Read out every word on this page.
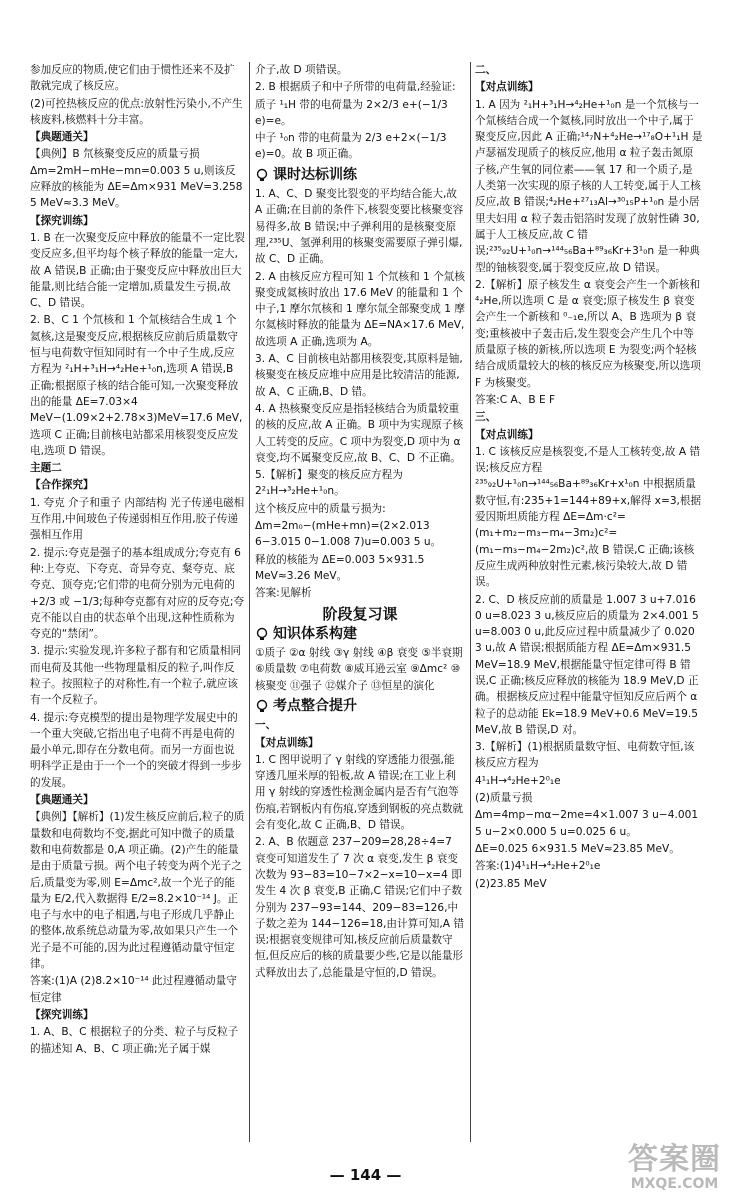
参加反应的物质,使它们由于惯性还来不及扩散就完成了核反应。

(2)可控热核反应的优点:放射性污染小,不产生核废料,核燃料十分丰富。

【典题通关】

【典例】B 氘核聚变反应的质量亏损 Δm=2mH−mHe−mn=0.003 5 u,则该反应释放的核能为 ΔE=Δm×931 MeV=3.258 5 MeV≈3.3 MeV。

【探究训练】

1. B 在一次聚变反应中释放的能量不一定比裂变反应多,但平均每个核子释放的能量一定大,故 A 错误,B 正确;由于聚变反应中释放出巨大能量,则比结合能一定增加,质量发生亏损,故 C、D 错误。

2. B、C 1 个氘核和 1 个氚核结合生成 1 个氦核,这是聚变反应,根据核反应前后质量数守恒与电荷数守恒知同时有一个中子生成,反应方程为 ²₁H+³₁H→⁴₂He+¹₀n,选项 A 错误,B 正确;根据原子核的结合能可知,一次聚变释放出的能量 ΔE=7.03×4 MeV−(1.09×2+2.78×3)MeV=17.6 MeV,选项 C 正确;目前核电站都采用核裂变反应发电,选项 D 错误。

主题二

【合作探究】

1. 夸克 介子和重子 内部结构 光子传递电磁相互作用,中间玻色子传递弱相互作用,胶子传递强相互作用

2. 提示:夸克是强子的基本组成成分;夸克有 6 种:上夸克、下夸克、奇异夸克、粲夸克、底夸克、顶夸克;它们带的电荷分别为元电荷的 +2/3 或 −1/3;每种夸克都有对应的反夸克;夸克不能以自由的状态单个出现,这种性质称为夸克的“禁闭”。

3. 提示:实验发现,许多粒子都有和它质量相同而电荷及其他一些物理量相反的粒子,叫作反粒子。按照粒子的对称性,有一个粒子,就应该有一个反粒子。

4. 提示:夸克模型的提出是物理学发展史中的一个重大突破,它指出电子电荷不再是电荷的最小单元,即存在分数电荷。而另一方面也说明科学正是由于一个一个的突破才得到一步步的发展。

【典题通关】

【典例】【解析】(1)发生核反应前后,粒子的质量数和电荷数均不变,据此可知中微子的质量数和电荷数都是 0,A 项正确。(2)产生的能量是由于质量亏损。两个电子转变为两个光子之后,质量变为零,则 E=Δmc²,故一个光子的能量为 E/2,代入数据得 E/2=8.2×10⁻¹⁴ J。正电子与水中的电子相遇,与电子形成几乎静止的整体,故系统总动量为零,故如果只产生一个光子是不可能的,因为此过程遵循动量守恒定律。

答案:(1)A (2)8.2×10⁻¹⁴ 此过程遵循动量守恒定律

【探究训练】

1. A、B、C 根据粒子的分类、粒子与反粒子的描述知 A、B、C 项正确;光子属于媒

介子,故 D 项错误。

2. B 根据质子和中子所带的电荷量,经验证:

质子 ¹₁H 带的电荷量为 2×2/3 e+(−1/3 e)=e。

中子 ¹₀n 带的电荷量为 2/3 e+2×(−1/3 e)=0。故 B 项正确。

课时达标训练

1. A、C、D 聚变比裂变的平均结合能大,故 A 正确;在目前的条件下,核裂变要比核聚变容易得多,故 B 错误;中子弹利用的是核聚变原理,²³⁵U、氢弹利用的核聚变需要原子弹引爆,故 C、D 正确。

2. A 由核反应方程可知 1 个氘核和 1 个氚核聚变成氦核时放出 17.6 MeV 的能量和 1 个中子,1 摩尔氘核和 1 摩尔氚全部聚变成 1 摩尔氦核时释放的能量为 ΔE=NA×17.6 MeV,故选项 A 正确,选项为 A。

3. A、C 目前核电站都用核裂变,其原料是铀,核聚变在核反应堆中应用是比较清洁的能源,故 A、C 正确,B、D 错。

4. A 热核聚变反应是指轻核结合为质量较重的核的反应,故 A 正确。B 项中为实现原子核人工转变的反应。C 项中为裂变,D 项中为 α 衰变,均不属聚变反应,故 B、C、D 不正确。

5.【解析】聚变的核反应方程为 2²₁H→³₂He+¹₀n。

这个核反应中的质量亏损为:

Δm=2m₀−(mHe+mn)=(2×2.013 6−3.015 0−1.008 7)u=0.003 5 u。

释放的核能为 ΔE=0.003 5×931.5 MeV≈3.26 MeV。

答案:见解析

阶段复习课
知识体系构建

①质子 ②α 射线 ③γ 射线 ④β 衰变 ⑤半衰期 ⑥质量数 ⑦电荷数 ⑧威耳逊云室 ⑨Δmc² ⑩核聚变 ⑪强子 ⑫媒介子 ⑬恒星的演化

考点整合提升

一、

【对点训练】

1. C 图甲说明了 γ 射线的穿透能力很强,能穿透几厘米厚的铅板,故 A 错误;在工业上利用 γ 射线的穿透性检测金属内是否有气泡等伤痕,若钢板内有伤痕,穿透到钢板的亮点数就会有变化,故 C 正确,B、D 错误。

2. A、B 依题意 237−209=28,28÷4=7 衰变可知道发生了 7 次 α 衰变,发生 β 衰变次数为 93−83=10−7×2−x=10−x=4 即发生 4 次 β 衰变,B 正确,C 错误;它们中子数分别为 237−93=144、209−83=126,中子数之差为 144−126=18,由计算可知,A 错误;根据衰变规律可知,核反应前后质量数守恒,但反应后的核的质量要少些,它是以能量形式释放出去了,总能量是守恒的,D 错误。

二、

【对点训练】

1. A 因为 ²₁H+³₁H→⁴₂He+¹₀n 是一个氘核与一个氚核结合成一个氦核,同时放出一个中子,属于聚变反应,因此 A 正确;¹⁴₇N+⁴₂He→¹⁷₈O+¹₁H 是卢瑟福发现质子的核反应,他用 α 粒子轰击氮原子核,产生氧的同位素——氧 17 和一个质子,是人类第一次实现的原子核的人工转变,属于人工核反应,故 B 错误;⁴₂He+²⁷₁₃Al→³⁰₁₅P+¹₀n 是小居里夫妇用 α 粒子轰击铝箔时发现了放射性磷 30,属于人工核反应,故 C 错误;²³⁵₉₂U+¹₀n→¹⁴⁴₅₆Ba+⁸⁹₃₆Kr+3¹₀n 是一种典型的铀核裂变,属于裂变反应,故 D 错误。

2.【解析】原子核发生 α 衰变会产生一个新核和 ⁴₂He,所以选项 C 是 α 衰变;原子核发生 β 衰变会产生一个新核和 ⁰₋₁e,所以 A、B 选项为 β 衰变;重核被中子轰击后,发生裂变会产生几个中等质量原子核的新核,所以选项 E 为裂变;两个轻核结合成质量较大的核的核反应为核聚变,所以选项 F 为核聚变。

答案:C A、B E F

三、

【对点训练】

1. C 该核反应是核裂变,不是人工核转变,故 A 错误;核反应方程 ²³⁵₉₂U+¹₀n→¹⁴⁴₅₆Ba+⁸⁹₃₆Kr+x¹₀n 中根据质量数守恒,有:235+1=144+89+x,解得 x=3,根据爱因斯坦质能方程 ΔE=Δm·c²=(m₁+m₂−m₃−m₄−3m₂)c²=(m₁−m₃−m₄−2m₂)c²,故 B 错误,C 正确;该核反应生成两种放射性元素,核污染较大,故 D 错误。

2. C、D 核反应前的质量是 1.007 3 u+7.016 0 u=8.023 3 u,核反应后的质量为 2×4.001 5 u=8.003 0 u,此反应过程中质量减少了 0.020 3 u,故 A 错误;根据质能方程 ΔE=Δm×931.5 MeV=18.9 MeV,根据能量守恒定律可得 B 错误,C 正确;核反应释放的核能为 18.9 MeV,D 正确。根据核反应过程中能量守恒知反应后两个 α 粒子的总动能 Ek=18.9 MeV+0.6 MeV=19.5 MeV,故 B 错误,D 对。

3.【解析】(1)根据质量数守恒、电荷数守恒,该核反应方程为

4¹₁H→⁴₂He+2⁰₁e

(2)质量亏损

Δm=4mp−mα−2me=4×1.007 3 u−4.001 5 u−2×0.000 5 u=0.025 6 u。

ΔE=0.025 6×931.5 MeV≈23.85 MeV。

答案:(1)4¹₁H→⁴₂He+2⁰₁e

(2)23.85 MeV

— 144 —	答案圈
MXQE.COM
